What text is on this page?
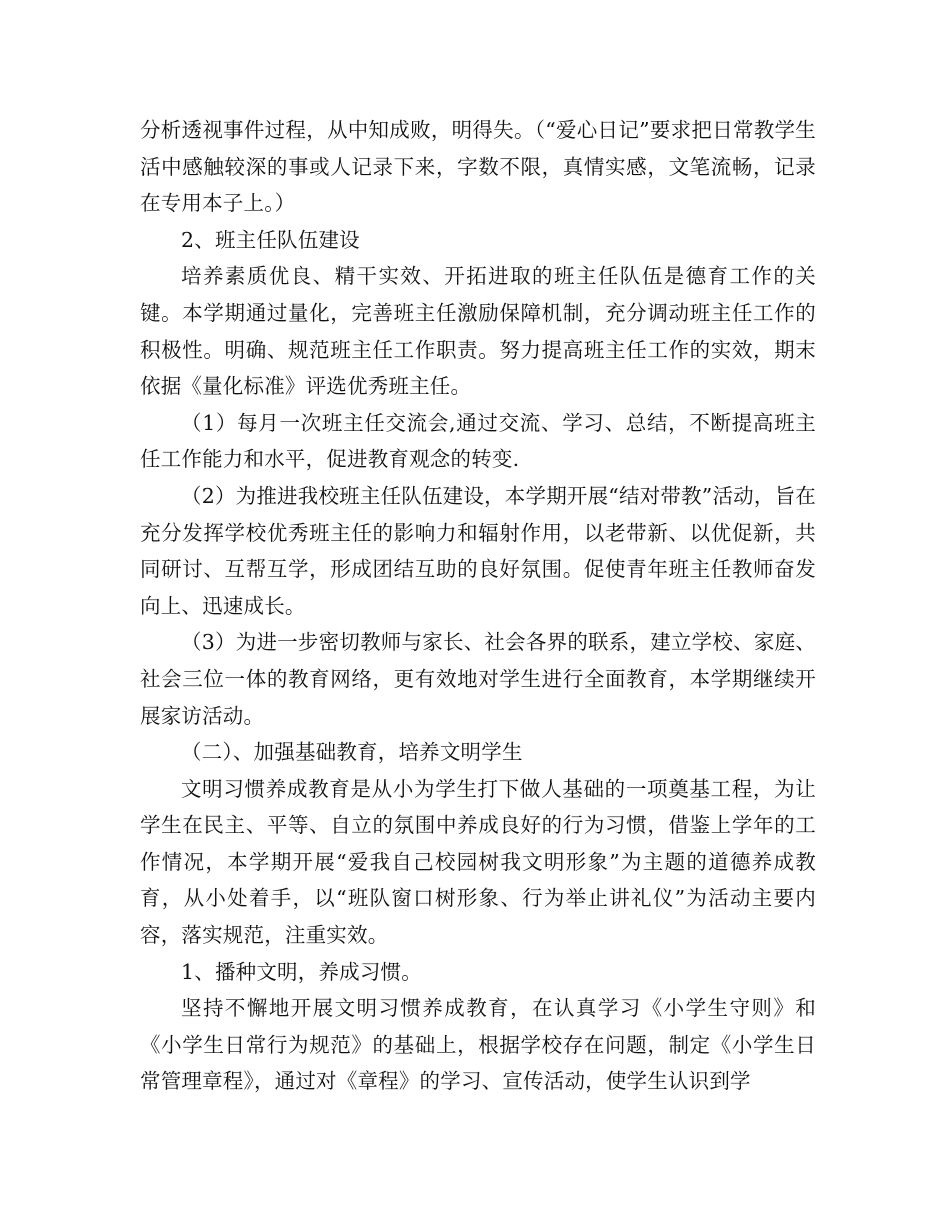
分析透视事件过程，从中知成败，明得失。（“爱心日记”要求把日常教学生活中感触较深的事或人记录下来，字数不限，真情实感，文笔流畅，记录在专用本子上。）

2、班主任队伍建设

培养素质优良、精干实效、开拓进取的班主任队伍是德育工作的关键。本学期通过量化，完善班主任激励保障机制，充分调动班主任工作的积极性。明确、规范班主任工作职责。努力提高班主任工作的实效，期末依据《量化标准》评选优秀班主任。

（1）每月一次班主任交流会,通过交流、学习、总结，不断提高班主任工作能力和水平，促进教育观念的转变.

（2）为推进我校班主任队伍建设，本学期开展“结对带教”活动，旨在充分发挥学校优秀班主任的影响力和辐射作用，以老带新、以优促新，共同研讨、互帮互学，形成团结互助的良好氛围。促使青年班主任教师奋发向上、迅速成长。

（3）为进一步密切教师与家长、社会各界的联系，建立学校、家庭、社会三位一体的教育网络，更有效地对学生进行全面教育，本学期继续开展家访活动。

（二）、加强基础教育，培养文明学生

文明习惯养成教育是从小为学生打下做人基础的一项奠基工程，为让学生在民主、平等、自立的氛围中养成良好的行为习惯，借鉴上学年的工作情况，本学期开展“爱我自己校园树我文明形象”为主题的道德养成教育，从小处着手，以“班队窗口树形象、行为举止讲礼仪”为活动主要内容，落实规范，注重实效。

1、播种文明，养成习惯。

坚持不懈地开展文明习惯养成教育，在认真学习《小学生守则》和《小学生日常行为规范》的基础上，根据学校存在问题，制定《小学生日常管理章程》，通过对《章程》的学习、宣传活动，使学生认识到学
